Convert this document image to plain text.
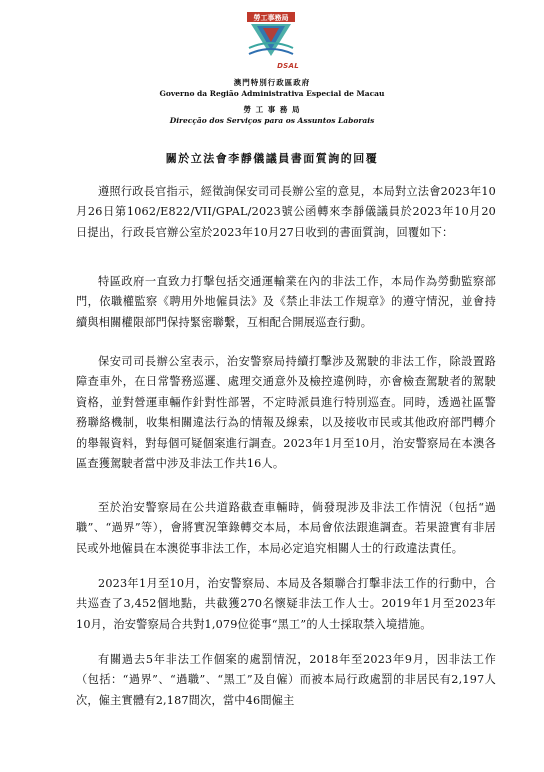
勞工事務局
DSAL
澳門特別行政區政府
Governo da Região Administrativa Especial de Macau
勞 工 事 務 局
Direcção dos Serviços para os Assuntos Laborais
關於立法會李靜儀議員書面質詢的回覆
遵照行政長官指示，經徵詢保安司司長辦公室的意見，本局對立法會2023年10月26日第1062/E822/VII/GPAL/2023號公函轉來李靜儀議員於2023年10月20日提出，行政長官辦公室於2023年10月27日收到的書面質詢，回覆如下：
特區政府一直致力打擊包括交通運輸業在內的非法工作，本局作為勞動監察部門，依職權監察《聘用外地僱員法》及《禁止非法工作規章》的遵守情況，並會持續與相關權限部門保持緊密聯繫，互相配合開展巡查行動。
保安司司長辦公室表示，治安警察局持續打擊涉及駕駛的非法工作，除設置路障查車外，在日常警務巡邏、處理交通意外及檢控違例時，亦會檢查駕駛者的駕駛資格，並對營運車輛作針對性部署，不定時派員進行特別巡查。同時，透過社區警務聯絡機制，收集相關違法行為的情報及線索，以及接收市民或其他政府部門轉介的舉報資料，對每個可疑個案進行調查。2023年1月至10月，治安警察局在本澳各區查獲駕駛者當中涉及非法工作共16人。
至於治安警察局在公共道路截查車輛時，倘發現涉及非法工作情況（包括“過職”、“過界”等），會將實況筆錄轉交本局，本局會依法跟進調查。若果證實有非居民或外地僱員在本澳從事非法工作，本局必定追究相關人士的行政違法責任。
2023年1月至10月，治安警察局、本局及各類聯合打擊非法工作的行動中，合共巡查了3,452個地點，共截獲270名懷疑非法工作人士。2019年1月至2023年10月，治安警察局合共對1,079位從事“黑工”的人士採取禁入境措施。
有關過去5年非法工作個案的處罰情況，2018年至2023年9月，因非法工作（包括：“過界”、“過職”、“黑工”及自僱）而被本局行政處罰的非居民有2,197人次，僱主實體有2,187間次，當中46間僱主
